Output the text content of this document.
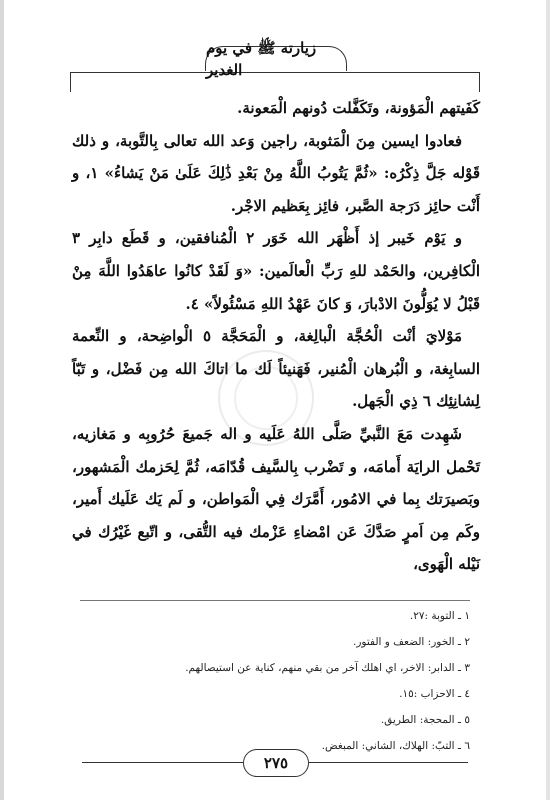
زيارته ﷺ في يوم الغدير

كَفَيتهم الْمَؤونة، وتَكَفَّلت دُونهم الْمَعونة.

فعادوا ايسين مِنَ الْمَثوبة، راجين وَعد الله تعالى بِالتَّوبة، و ذلك قَوْله جَلَّ ذِكْرُه: «ثُمَّ يَتُوبُ اللَّهُ مِنْ بَعْدِ ذَٰلِكَ عَلَىٰ مَنْ يَشاءُ» ١، و أَنْت حائِز دَرَجة الصَّبر، فائِز بِعَظيم الاجْر.

و يَوْم خَيبر إذ أَظْهَر الله خَوَر ٢ الْمُنافقين، و قَطَع دابِر ٣ الْكافِرين، والحَمْد للهِ رَبِّ الْعالَمين: «وَ لَقَدْ كانُوا عاهَدُوا اللَّهَ مِنْ قَبْلُ لا يُوَلُّونَ الادْبارَ، وَ كانَ عَهْدُ اللهِ مَسْئُولاً» ٤.

مَوْلايَ أنْت الْحُجَّة الْبالِغة، و الْمَحَجَّة ٥ الْواضِحة، و النِّعمة السابِغة، و الْبُرهان الْمُنير، فَهَنيئاً لَك ما اتاكَ الله مِن فَضْل، و تَبّاً لِشانِئِك ٦ ذِي الْجَهل.

شَهِدت مَعَ النَّبيِّ صَلَّى اللهُ عَلَيه و اله جَميعَ حُرُوبِه و مَغازيه، تَحْمل الرايَة أَمامَه، و تَضْرب بِالسَّيف قُدّامَه، ثُمَّ لِحَزمك الْمَشهور، وبَصيرَتك بِما في الامُور، أَمَّرَك فِي الْمَواطن، و لَم يَك عَلَيك أَمير، وكَم مِن اَمرٍ صَدَّكَ عَن امْضاءِ عَزْمك فيه التُّقى، و اتّبع غَيْرُك في نَيْله الْهَوى،

١ ـ التوبة :٢٧.
٢ ـ الخور: الضعف و الفتور.
٣ ـ الدابر: الاخر، اي اهلك آخر من بقي منهم، كناية عن استيصالهم.
٤ ـ الاحزاب :١٥.
٥ ـ المحجة: الطريق.
٦ ـ التبّ: الهلاك، الشاني: المبغض.
٢٧٥
